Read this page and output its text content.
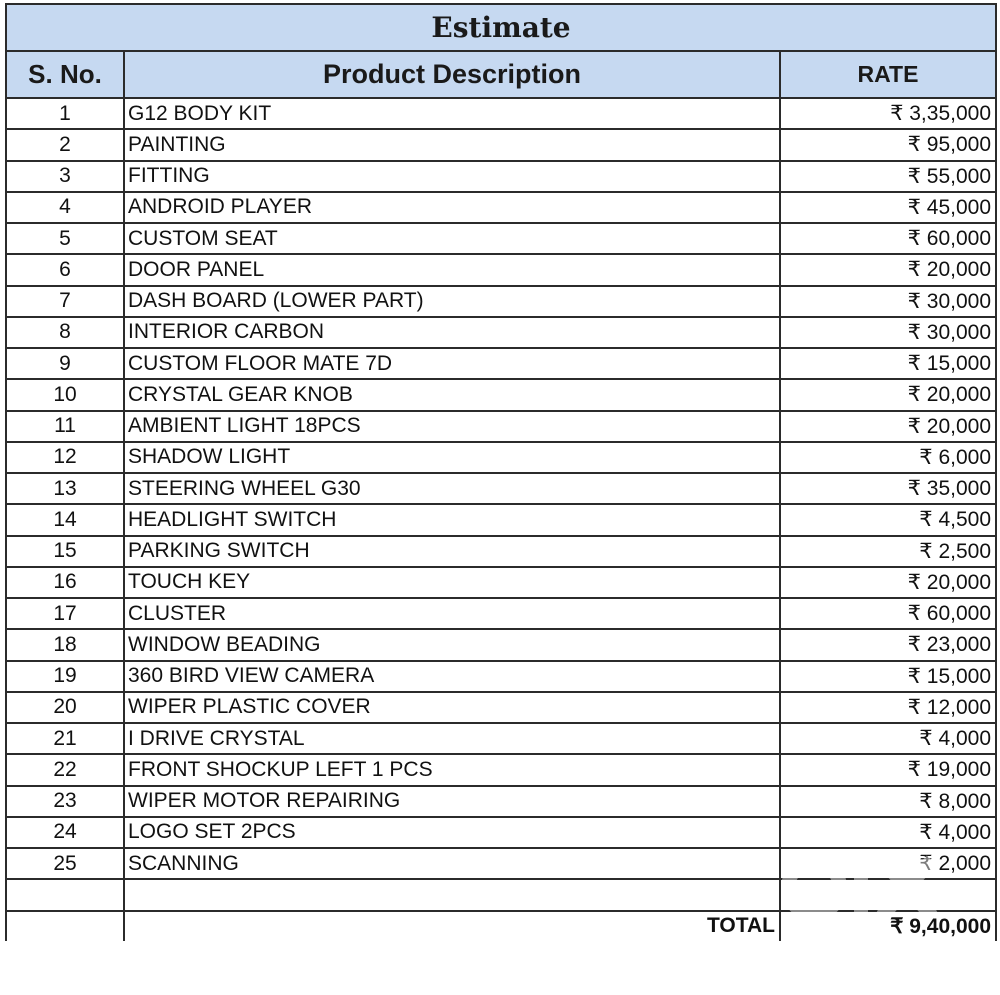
Estimate		
S. No.	Product Description	RATE
1	G12 BODY KIT	₹ 3,35,000
2	PAINTING	₹ 95,000
3	FITTING	₹ 55,000
4	ANDROID PLAYER	₹ 45,000
5	CUSTOM SEAT	₹ 60,000
6	DOOR PANEL	₹ 20,000
7	DASH BOARD (LOWER PART)	₹ 30,000
8	INTERIOR CARBON	₹ 30,000
9	CUSTOM FLOOR MATE 7D	₹ 15,000
10	CRYSTAL GEAR KNOB	₹ 20,000
11	AMBIENT LIGHT 18PCS	₹ 20,000
12	SHADOW LIGHT	₹ 6,000
13	STEERING WHEEL G30	₹ 35,000
14	HEADLIGHT SWITCH	₹ 4,500
15	PARKING SWITCH	₹ 2,500
16	TOUCH KEY	₹ 20,000
17	CLUSTER	₹ 60,000
18	WINDOW BEADING	₹ 23,000
19	360 BIRD VIEW CAMERA	₹ 15,000
20	WIPER PLASTIC COVER	₹ 12,000
21	I DRIVE CRYSTAL	₹ 4,000
22	FRONT SHOCKUP LEFT 1 PCS	₹ 19,000
23	WIPER MOTOR REPAIRING	₹ 8,000
24	LOGO SET 2PCS	₹ 4,000
25	SCANNING	₹ 2,000

	TOTAL	₹ 9,40,000
